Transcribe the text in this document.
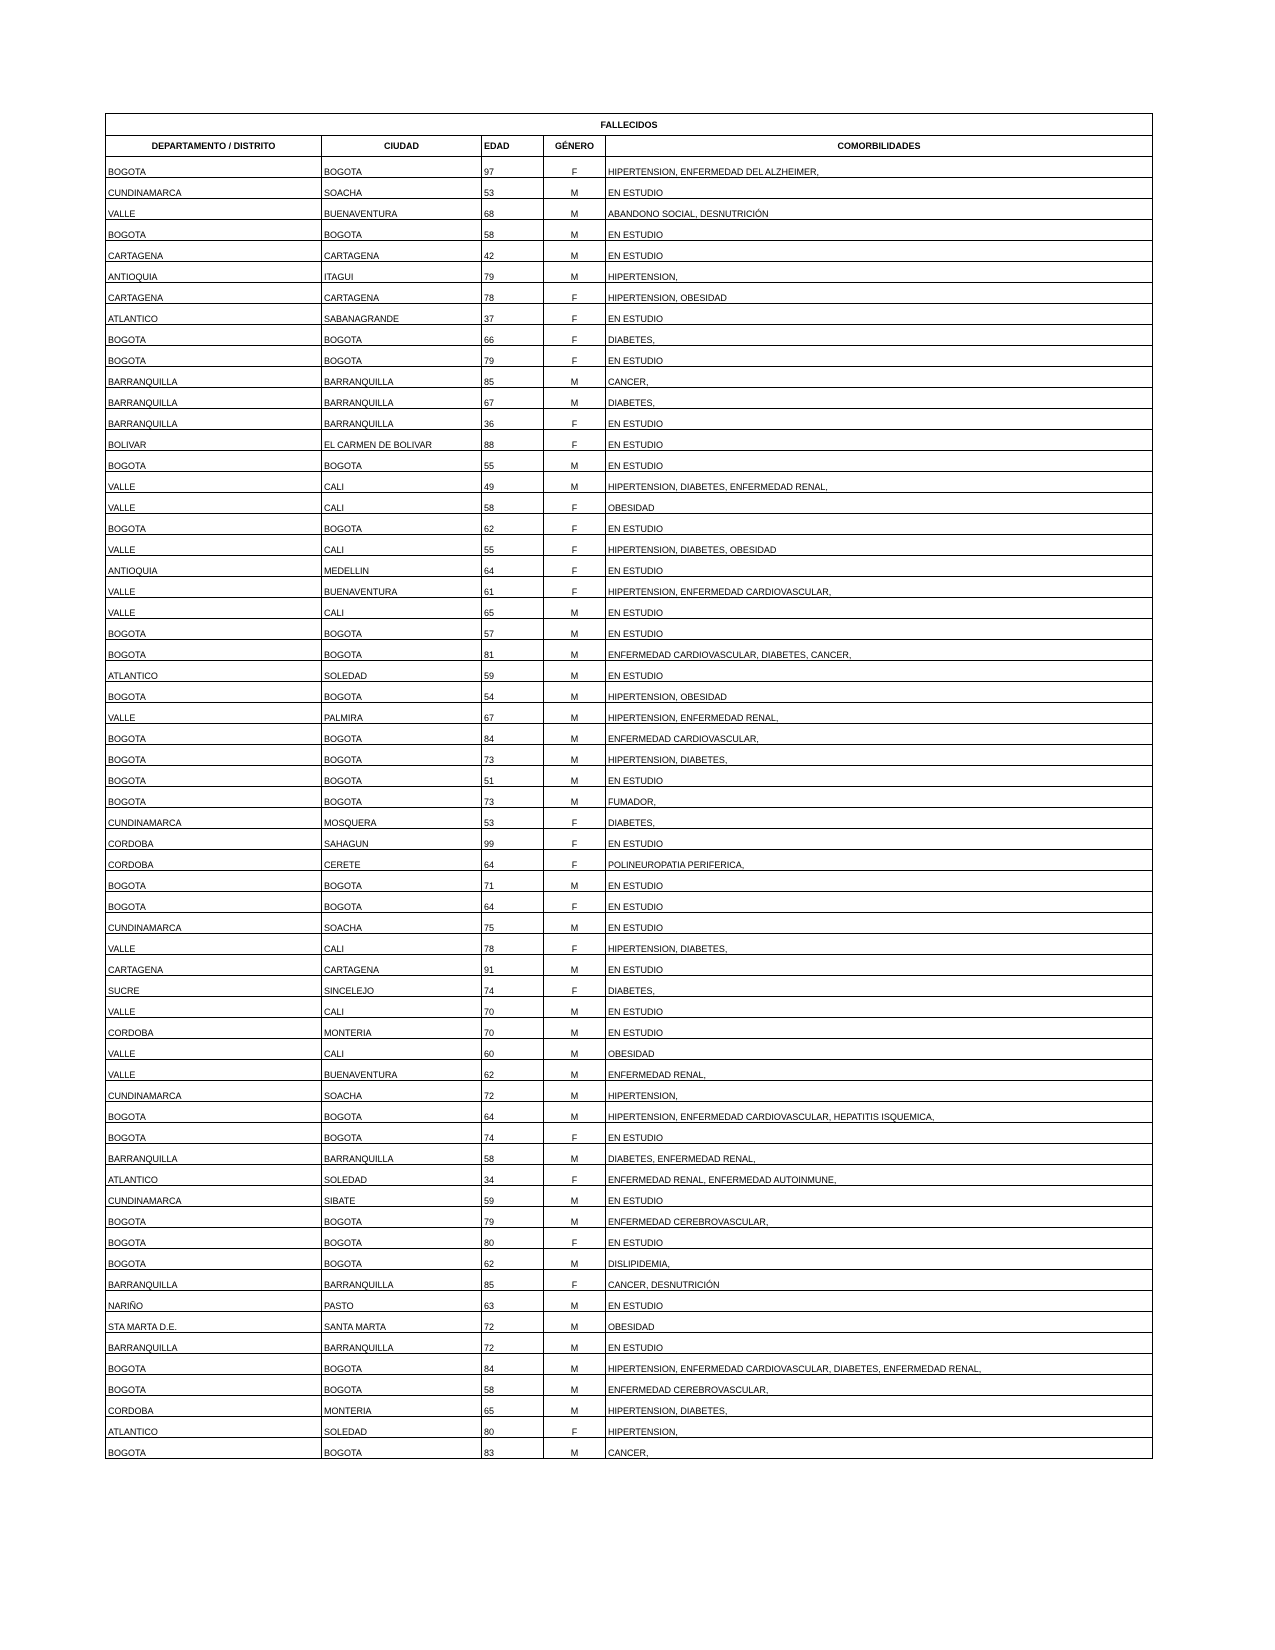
FALLECIDOS				
DEPARTAMENTO / DISTRITO	CIUDAD	EDAD	GÉNERO	COMORBILIDADES
BOGOTA	BOGOTA	97	F	HIPERTENSION, ENFERMEDAD DEL ALZHEIMER,
CUNDINAMARCA	SOACHA	53	M	EN ESTUDIO
VALLE	BUENAVENTURA	68	M	ABANDONO SOCIAL, DESNUTRICIÓN
BOGOTA	BOGOTA	58	M	EN ESTUDIO
CARTAGENA	CARTAGENA	42	M	EN ESTUDIO
ANTIOQUIA	ITAGUI	79	M	HIPERTENSION,
CARTAGENA	CARTAGENA	78	F	HIPERTENSION, OBESIDAD
ATLANTICO	SABANAGRANDE	37	F	EN ESTUDIO
BOGOTA	BOGOTA	66	F	DIABETES,
BOGOTA	BOGOTA	79	F	EN ESTUDIO
BARRANQUILLA	BARRANQUILLA	85	M	CANCER,
BARRANQUILLA	BARRANQUILLA	67	M	DIABETES,
BARRANQUILLA	BARRANQUILLA	36	F	EN ESTUDIO
BOLIVAR	EL CARMEN DE BOLIVAR	88	F	EN ESTUDIO
BOGOTA	BOGOTA	55	M	EN ESTUDIO
VALLE	CALI	49	M	HIPERTENSION, DIABETES, ENFERMEDAD RENAL,
VALLE	CALI	58	F	OBESIDAD
BOGOTA	BOGOTA	62	F	EN ESTUDIO
VALLE	CALI	55	F	HIPERTENSION, DIABETES, OBESIDAD
ANTIOQUIA	MEDELLIN	64	F	EN ESTUDIO
VALLE	BUENAVENTURA	61	F	HIPERTENSION, ENFERMEDAD CARDIOVASCULAR,
VALLE	CALI	65	M	EN ESTUDIO
BOGOTA	BOGOTA	57	M	EN ESTUDIO
BOGOTA	BOGOTA	81	M	ENFERMEDAD CARDIOVASCULAR, DIABETES, CANCER,
ATLANTICO	SOLEDAD	59	M	EN ESTUDIO
BOGOTA	BOGOTA	54	M	HIPERTENSION, OBESIDAD
VALLE	PALMIRA	67	M	HIPERTENSION, ENFERMEDAD RENAL,
BOGOTA	BOGOTA	84	M	ENFERMEDAD CARDIOVASCULAR,
BOGOTA	BOGOTA	73	M	HIPERTENSION, DIABETES,
BOGOTA	BOGOTA	51	M	EN ESTUDIO
BOGOTA	BOGOTA	73	M	FUMADOR,
CUNDINAMARCA	MOSQUERA	53	F	DIABETES,
CORDOBA	SAHAGUN	99	F	EN ESTUDIO
CORDOBA	CERETE	64	F	POLINEUROPATIA PERIFERICA,
BOGOTA	BOGOTA	71	M	EN ESTUDIO
BOGOTA	BOGOTA	64	F	EN ESTUDIO
CUNDINAMARCA	SOACHA	75	M	EN ESTUDIO
VALLE	CALI	78	F	HIPERTENSION, DIABETES,
CARTAGENA	CARTAGENA	91	M	EN ESTUDIO
SUCRE	SINCELEJO	74	F	DIABETES,
VALLE	CALI	70	M	EN ESTUDIO
CORDOBA	MONTERIA	70	M	EN ESTUDIO
VALLE	CALI	60	M	OBESIDAD
VALLE	BUENAVENTURA	62	M	ENFERMEDAD RENAL,
CUNDINAMARCA	SOACHA	72	M	HIPERTENSION,
BOGOTA	BOGOTA	64	M	HIPERTENSION, ENFERMEDAD CARDIOVASCULAR, HEPATITIS ISQUEMICA,
BOGOTA	BOGOTA	74	F	EN ESTUDIO
BARRANQUILLA	BARRANQUILLA	58	M	DIABETES, ENFERMEDAD RENAL,
ATLANTICO	SOLEDAD	34	F	ENFERMEDAD RENAL, ENFERMEDAD AUTOINMUNE,
CUNDINAMARCA	SIBATE	59	M	EN ESTUDIO
BOGOTA	BOGOTA	79	M	ENFERMEDAD CEREBROVASCULAR,
BOGOTA	BOGOTA	80	F	EN ESTUDIO
BOGOTA	BOGOTA	62	M	DISLIPIDEMIA,
BARRANQUILLA	BARRANQUILLA	85	F	CANCER, DESNUTRICIÓN
NARIÑO	PASTO	63	M	EN ESTUDIO
STA MARTA D.E.	SANTA MARTA	72	M	OBESIDAD
BARRANQUILLA	BARRANQUILLA	72	M	EN ESTUDIO
BOGOTA	BOGOTA	84	M	HIPERTENSION, ENFERMEDAD CARDIOVASCULAR, DIABETES, ENFERMEDAD RENAL,
BOGOTA	BOGOTA	58	M	ENFERMEDAD CEREBROVASCULAR,
CORDOBA	MONTERIA	65	M	HIPERTENSION, DIABETES,
ATLANTICO	SOLEDAD	80	F	HIPERTENSION,
BOGOTA	BOGOTA	83	M	CANCER,
